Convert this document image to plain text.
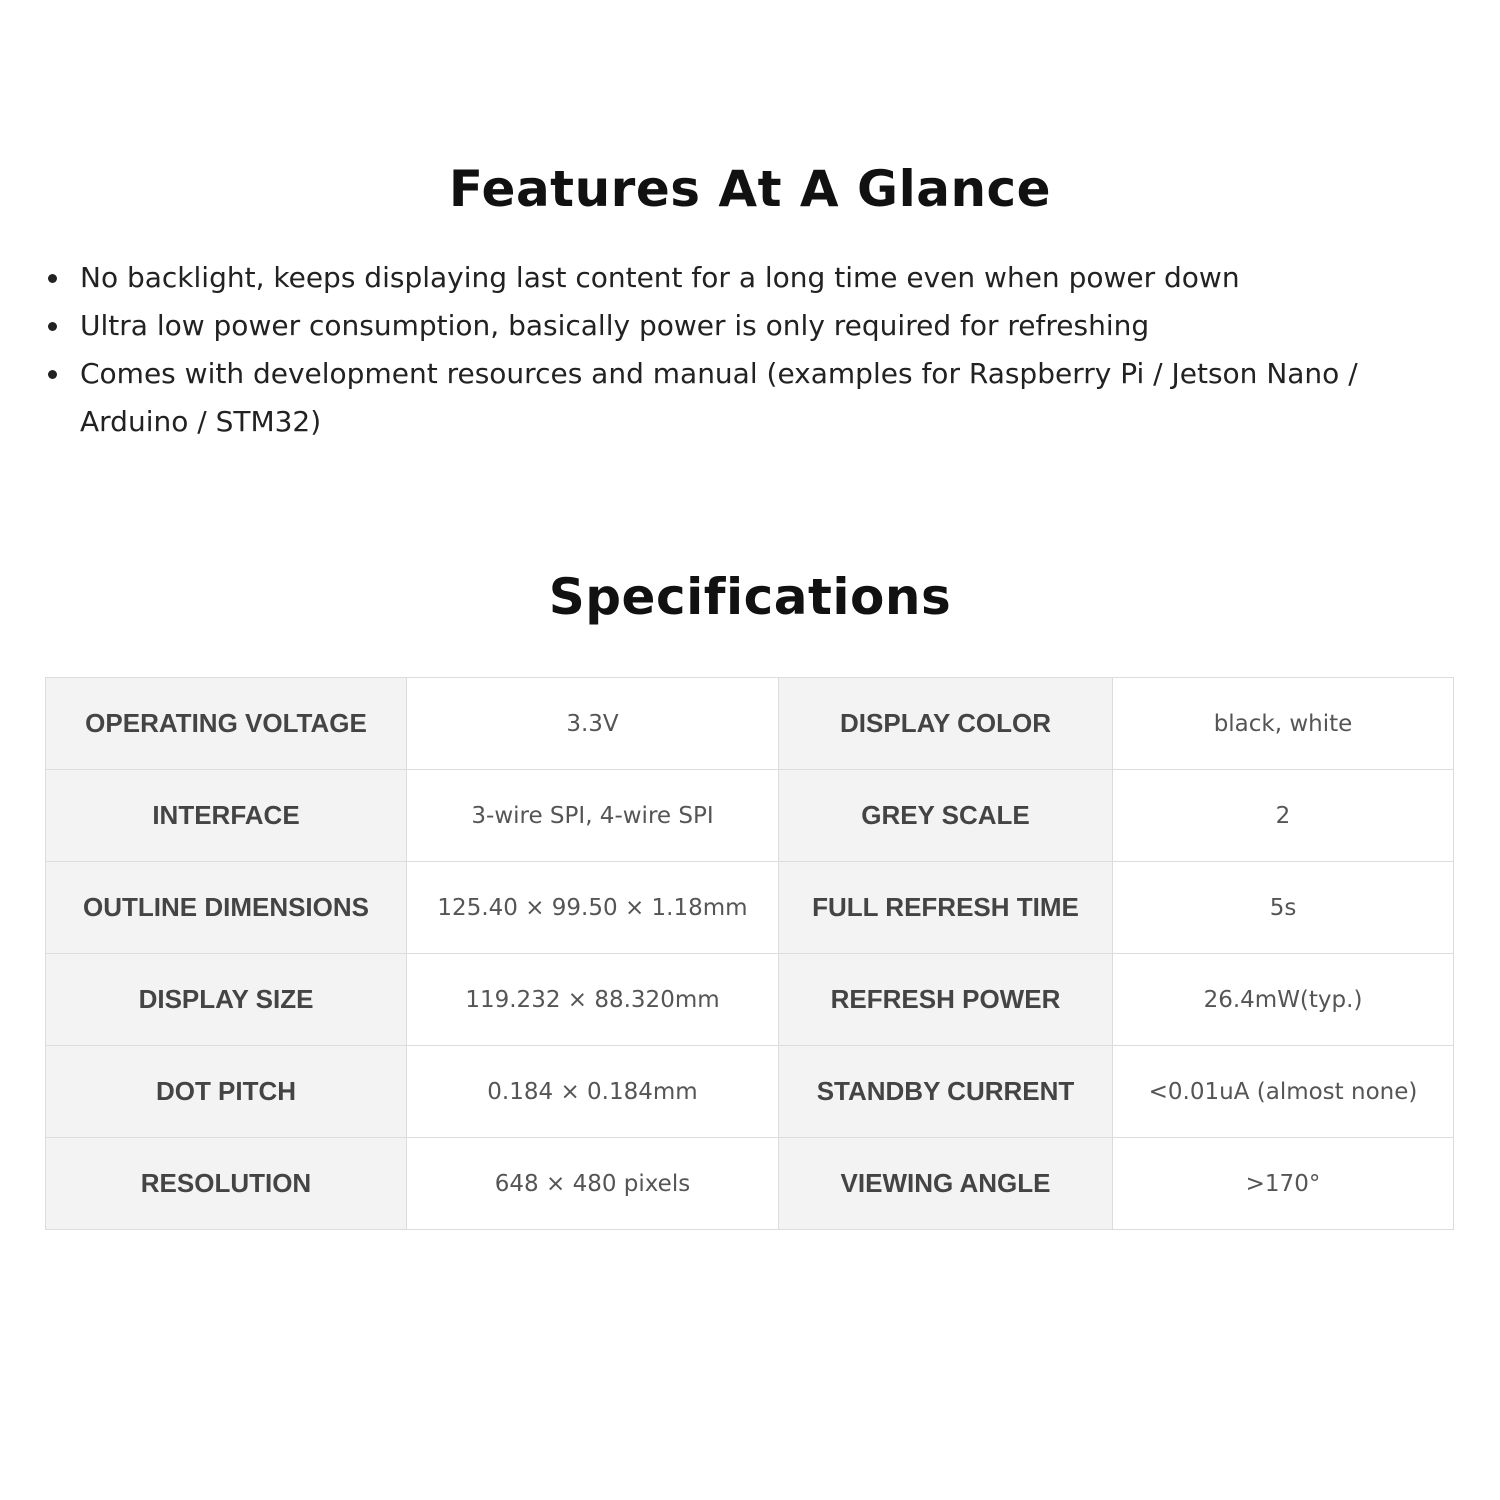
Features At A Glance
No backlight, keeps displaying last content for a long time even when power down
Ultra low power consumption, basically power is only required for refreshing
Comes with development resources and manual (examples for Raspberry Pi / Jetson Nano / Arduino / STM32)
Specifications
OPERATING VOLTAGE	3.3V	DISPLAY COLOR	black, white
INTERFACE	3-wire SPI, 4-wire SPI	GREY SCALE	2
OUTLINE DIMENSIONS	125.40 × 99.50 × 1.18mm	FULL REFRESH TIME	5s
DISPLAY SIZE	119.232 × 88.320mm	REFRESH POWER	26.4mW(typ.)
DOT PITCH	0.184 × 0.184mm	STANDBY CURRENT	<0.01uA (almost none)
RESOLUTION	648 × 480 pixels	VIEWING ANGLE	>170°
